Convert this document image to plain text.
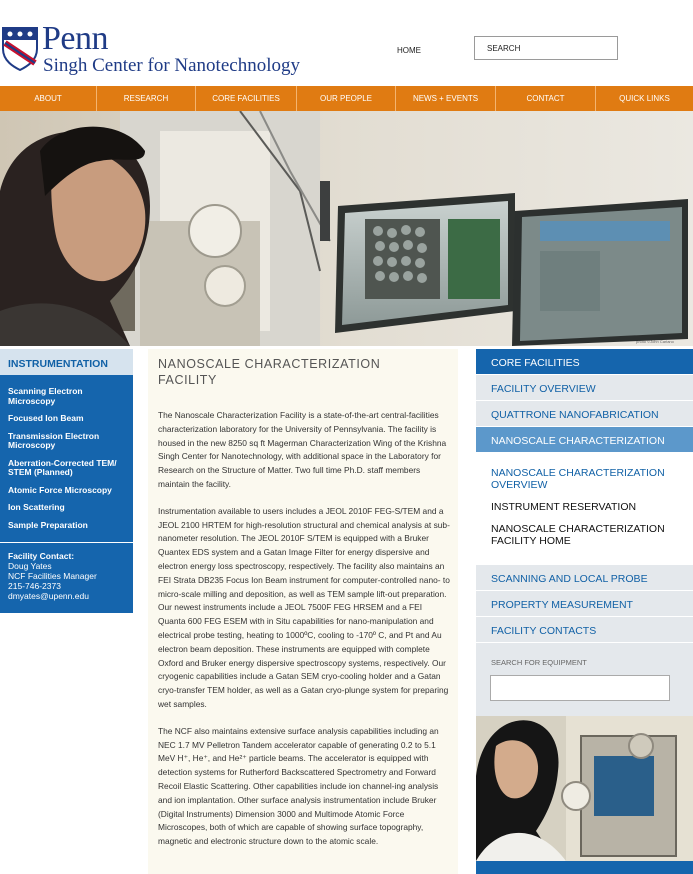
Penn
Singh Center for Nanotechnology
HOME	SEARCH
ABOUT	RESEARCH	CORE FACILITIES	OUR PEOPLE	NEWS + EVENTS	CONTACT	QUICK LINKS
photo ©John Carlano
INSTRUMENTATION
Scanning Electron Microscopy
Focused Ion Beam
Transmission Electron Microscopy
Aberration-Corrected TEM/ STEM (Planned)
Atomic Force Microscopy
Ion Scattering
Sample Preparation
Facility Contact:
Doug Yates
NCF Facilities Manager
215-746-2373
dmyates@upenn.edu
NANOSCALE CHARACTERIZATION FACILITY

The Nanoscale Characterization Facility is a state-of-the-art central-facilities characterization laboratory for the University of Pennsylvania. The facility is housed in the new 8250 sq ft Magerman Characterization Wing of the Krishna Singh Center for Nanotechnology, with additional space in the Laboratory for Research on the Structure of Matter. Two full time Ph.D. staff members maintain the facility.

Instrumentation available to users includes a JEOL 2010F FEG-S/TEM and a JEOL 2100 HRTEM for high-resolution structural and chemical analysis at sub-nanometer resolution. The JEOL 2010F S/TEM is equipped with a Bruker Quantex EDS system and a Gatan Image Filter for energy dispersive and electron energy loss spectroscopy, respectively. The facility also maintains an FEI Strata DB235 Focus Ion Beam instrument for computer-controlled nano- to micro-scale milling and deposition, as well as TEM sample lift-out preparation. Our newest instruments include a JEOL 7500F FEG HRSEM and a FEI Quanta 600 FEG ESEM with in Situ capabilities for nano-manipulation and electrical probe testing, heating to 1000ºC, cooling to -170º C, and Pt and Au electron beam deposition. These instruments are equipped with complete Oxford and Bruker energy dispersive spectroscopy systems, respectively. Our cryogenic capabilities include a Gatan SEM cryo-cooling holder and a Gatan cryo-transfer TEM holder, as well as a Gatan cryo-plunge system for preparing wet samples.

The NCF also maintains extensive surface analysis capabilities including an NEC 1.7 MV Pelletron Tandem accelerator capable of generating 0.2 to 5.1 MeV H⁺, He⁺, and He²⁺ particle beams. The accelerator is equipped with detection systems for Rutherford Backscattered Spectrometry and Forward Recoil Elastic Scattering. Other capabilities include ion channel-ing analysis and ion implantation. Other surface analysis instrumentation include Bruker (Digital Instruments) Dimension 3000 and Multimode Atomic Force Microscopes, both of which are capable of showing surface topography, magnetic and electronic structure down to the atomic scale.

CORE FACILITIES
FACILITY OVERVIEW
QUATTRONE NANOFABRICATION
NANOSCALE CHARACTERIZATION
NANOSCALE CHARACTERIZATION OVERVIEW
INSTRUMENT RESERVATION
NANOSCALE CHARACTERIZATION FACILITY HOME
SCANNING AND LOCAL PROBE
PROPERTY MEASUREMENT
FACILITY CONTACTS
SEARCH FOR EQUIPMENT
